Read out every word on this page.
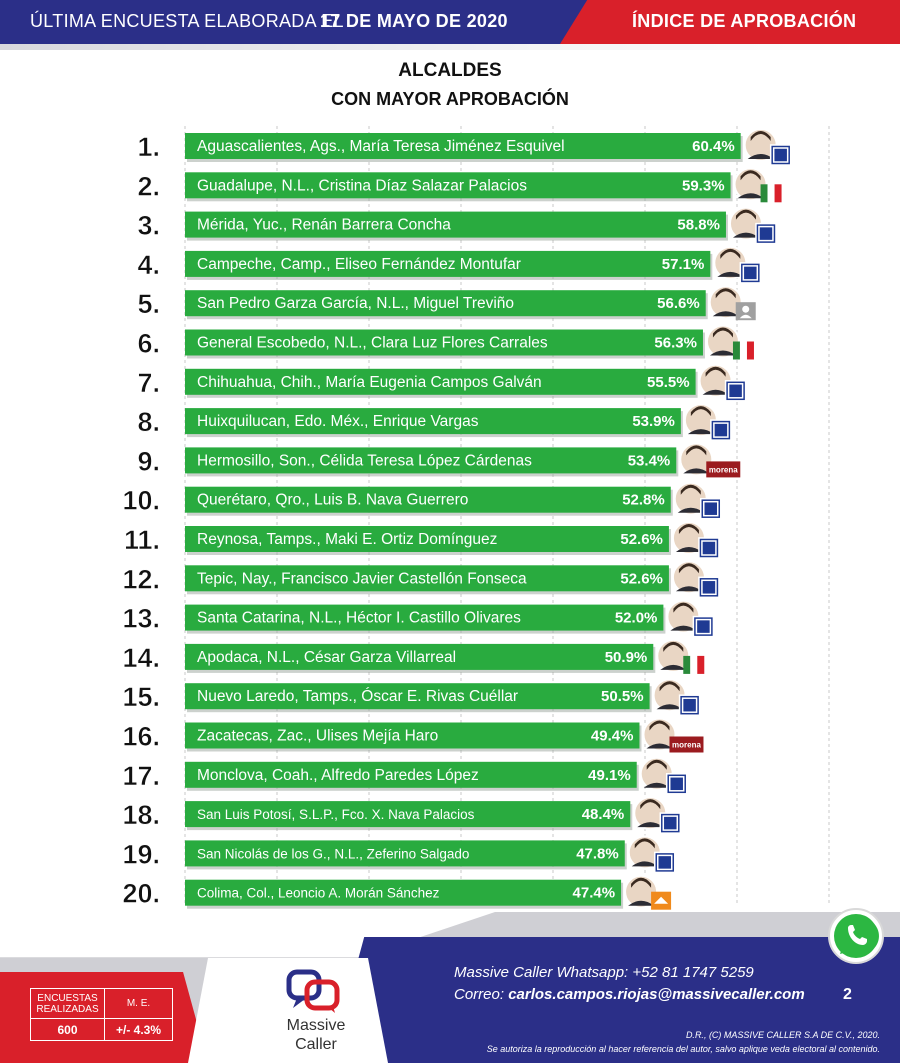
ÚLTIMA ENCUESTA ELABORADA EL
17 DE MAYO DE 2020	ÍNDICE DE APROBACIÓN
ALCALDES
CON MAYOR APROBACIÓN
1. Aguascalientes, Ags., María Teresa Jiménez Esquivel	60.4%
2. Guadalupe, N.L., Cristina Díaz Salazar Palacios	59.3%
3. Mérida, Yuc., Renán Barrera Concha	58.8%
4. Campeche, Camp., Eliseo Fernández Montufar	57.1%
5. San Pedro Garza García, N.L., Miguel Treviño	56.6%
6. General Escobedo, N.L., Clara Luz Flores Carrales	56.3%
7. Chihuahua, Chih., María Eugenia Campos Galván	55.5%
8. Huixquilucan, Edo. Méx., Enrique Vargas	53.9%
9. Hermosillo, Son., Célida Teresa López Cárdenas	53.4%
morena
10. Querétaro, Qro., Luis B. Nava Guerrero	52.8%
11. Reynosa, Tamps., Maki E. Ortiz Domínguez	52.6%
12. Tepic, Nay., Francisco Javier Castellón Fonseca	52.6%
13. Santa Catarina, N.L., Héctor I. Castillo Olivares	52.0%
14. Apodaca, N.L., César Garza Villarreal	50.9%
15. Nuevo Laredo, Tamps., Óscar E. Rivas Cuéllar	50.5%
16. Zacatecas, Zac., Ulises Mejía Haro	49.4%
morena
17. Monclova, Coah., Alfredo Paredes López	49.1%
18.	San Luis Potosí, S.L.P., Fco. X. Nava Palacios	48.4%
19.	San Nicolás de los G., N.L., Zeferino Salgado	47.8%
20.	Colima, Col., Leoncio A. Morán Sánchez	47.4%
ENCUESTAS REALIZADAS	M. E.
600	+/- 4.3%	Massive
Caller
Massive Caller Whatsapp: +52 81 1747 5259
Correo: carlos.campos.riojas@massivecaller.com 2
D.R., (C) MASSIVE CALLER S.A DE C.V., 2020.
Se autoriza la reproducción al hacer referencia del autor, salvo aplique veda electoral al contenido.
